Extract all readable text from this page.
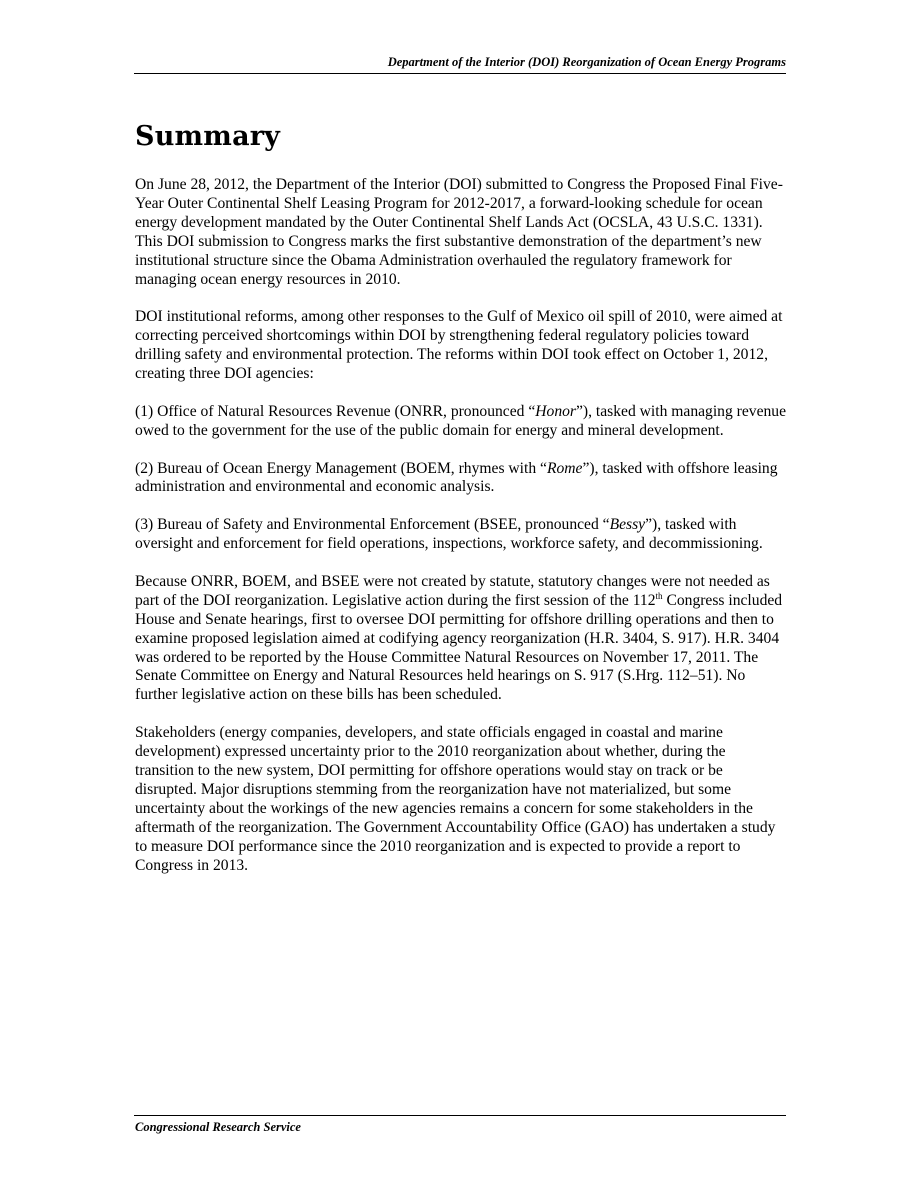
Department of the Interior (DOI) Reorganization of Ocean Energy Programs
Summary

On June 28, 2012, the Department of the Interior (DOI) submitted to Congress the Proposed Final Five-Year Outer Continental Shelf Leasing Program for 2012-2017, a forward-looking schedule for ocean energy development mandated by the Outer Continental Shelf Lands Act (OCSLA, 43 U.S.C. 1331). This DOI submission to Congress marks the first substantive demonstration of the department’s new institutional structure since the Obama Administration overhauled the regulatory framework for managing ocean energy resources in 2010.

DOI institutional reforms, among other responses to the Gulf of Mexico oil spill of 2010, were aimed at correcting perceived shortcomings within DOI by strengthening federal regulatory policies toward drilling safety and environmental protection. The reforms within DOI took effect on October 1, 2012, creating three DOI agencies:

(1) Office of Natural Resources Revenue (ONRR, pronounced “Honor”), tasked with managing revenue owed to the government for the use of the public domain for energy and mineral development.

(2) Bureau of Ocean Energy Management (BOEM, rhymes with “Rome”), tasked with offshore leasing administration and environmental and economic analysis.

(3) Bureau of Safety and Environmental Enforcement (BSEE, pronounced “Bessy”), tasked with oversight and enforcement for field operations, inspections, workforce safety, and decommissioning.

Because ONRR, BOEM, and BSEE were not created by statute, statutory changes were not needed as part of the DOI reorganization. Legislative action during the first session of the 112th Congress included House and Senate hearings, first to oversee DOI permitting for offshore drilling operations and then to examine proposed legislation aimed at codifying agency reorganization (H.R. 3404, S. 917). H.R. 3404 was ordered to be reported by the House Committee Natural Resources on November 17, 2011. The Senate Committee on Energy and Natural Resources held hearings on S. 917 (S.Hrg. 112–51). No further legislative action on these bills has been scheduled.

Stakeholders (energy companies, developers, and state officials engaged in coastal and marine development) expressed uncertainty prior to the 2010 reorganization about whether, during the transition to the new system, DOI permitting for offshore operations would stay on track or be disrupted. Major disruptions stemming from the reorganization have not materialized, but some uncertainty about the workings of the new agencies remains a concern for some stakeholders in the aftermath of the reorganization. The Government Accountability Office (GAO) has undertaken a study to measure DOI performance since the 2010 reorganization and is expected to provide a report to Congress in 2013.

Congressional Research Service
